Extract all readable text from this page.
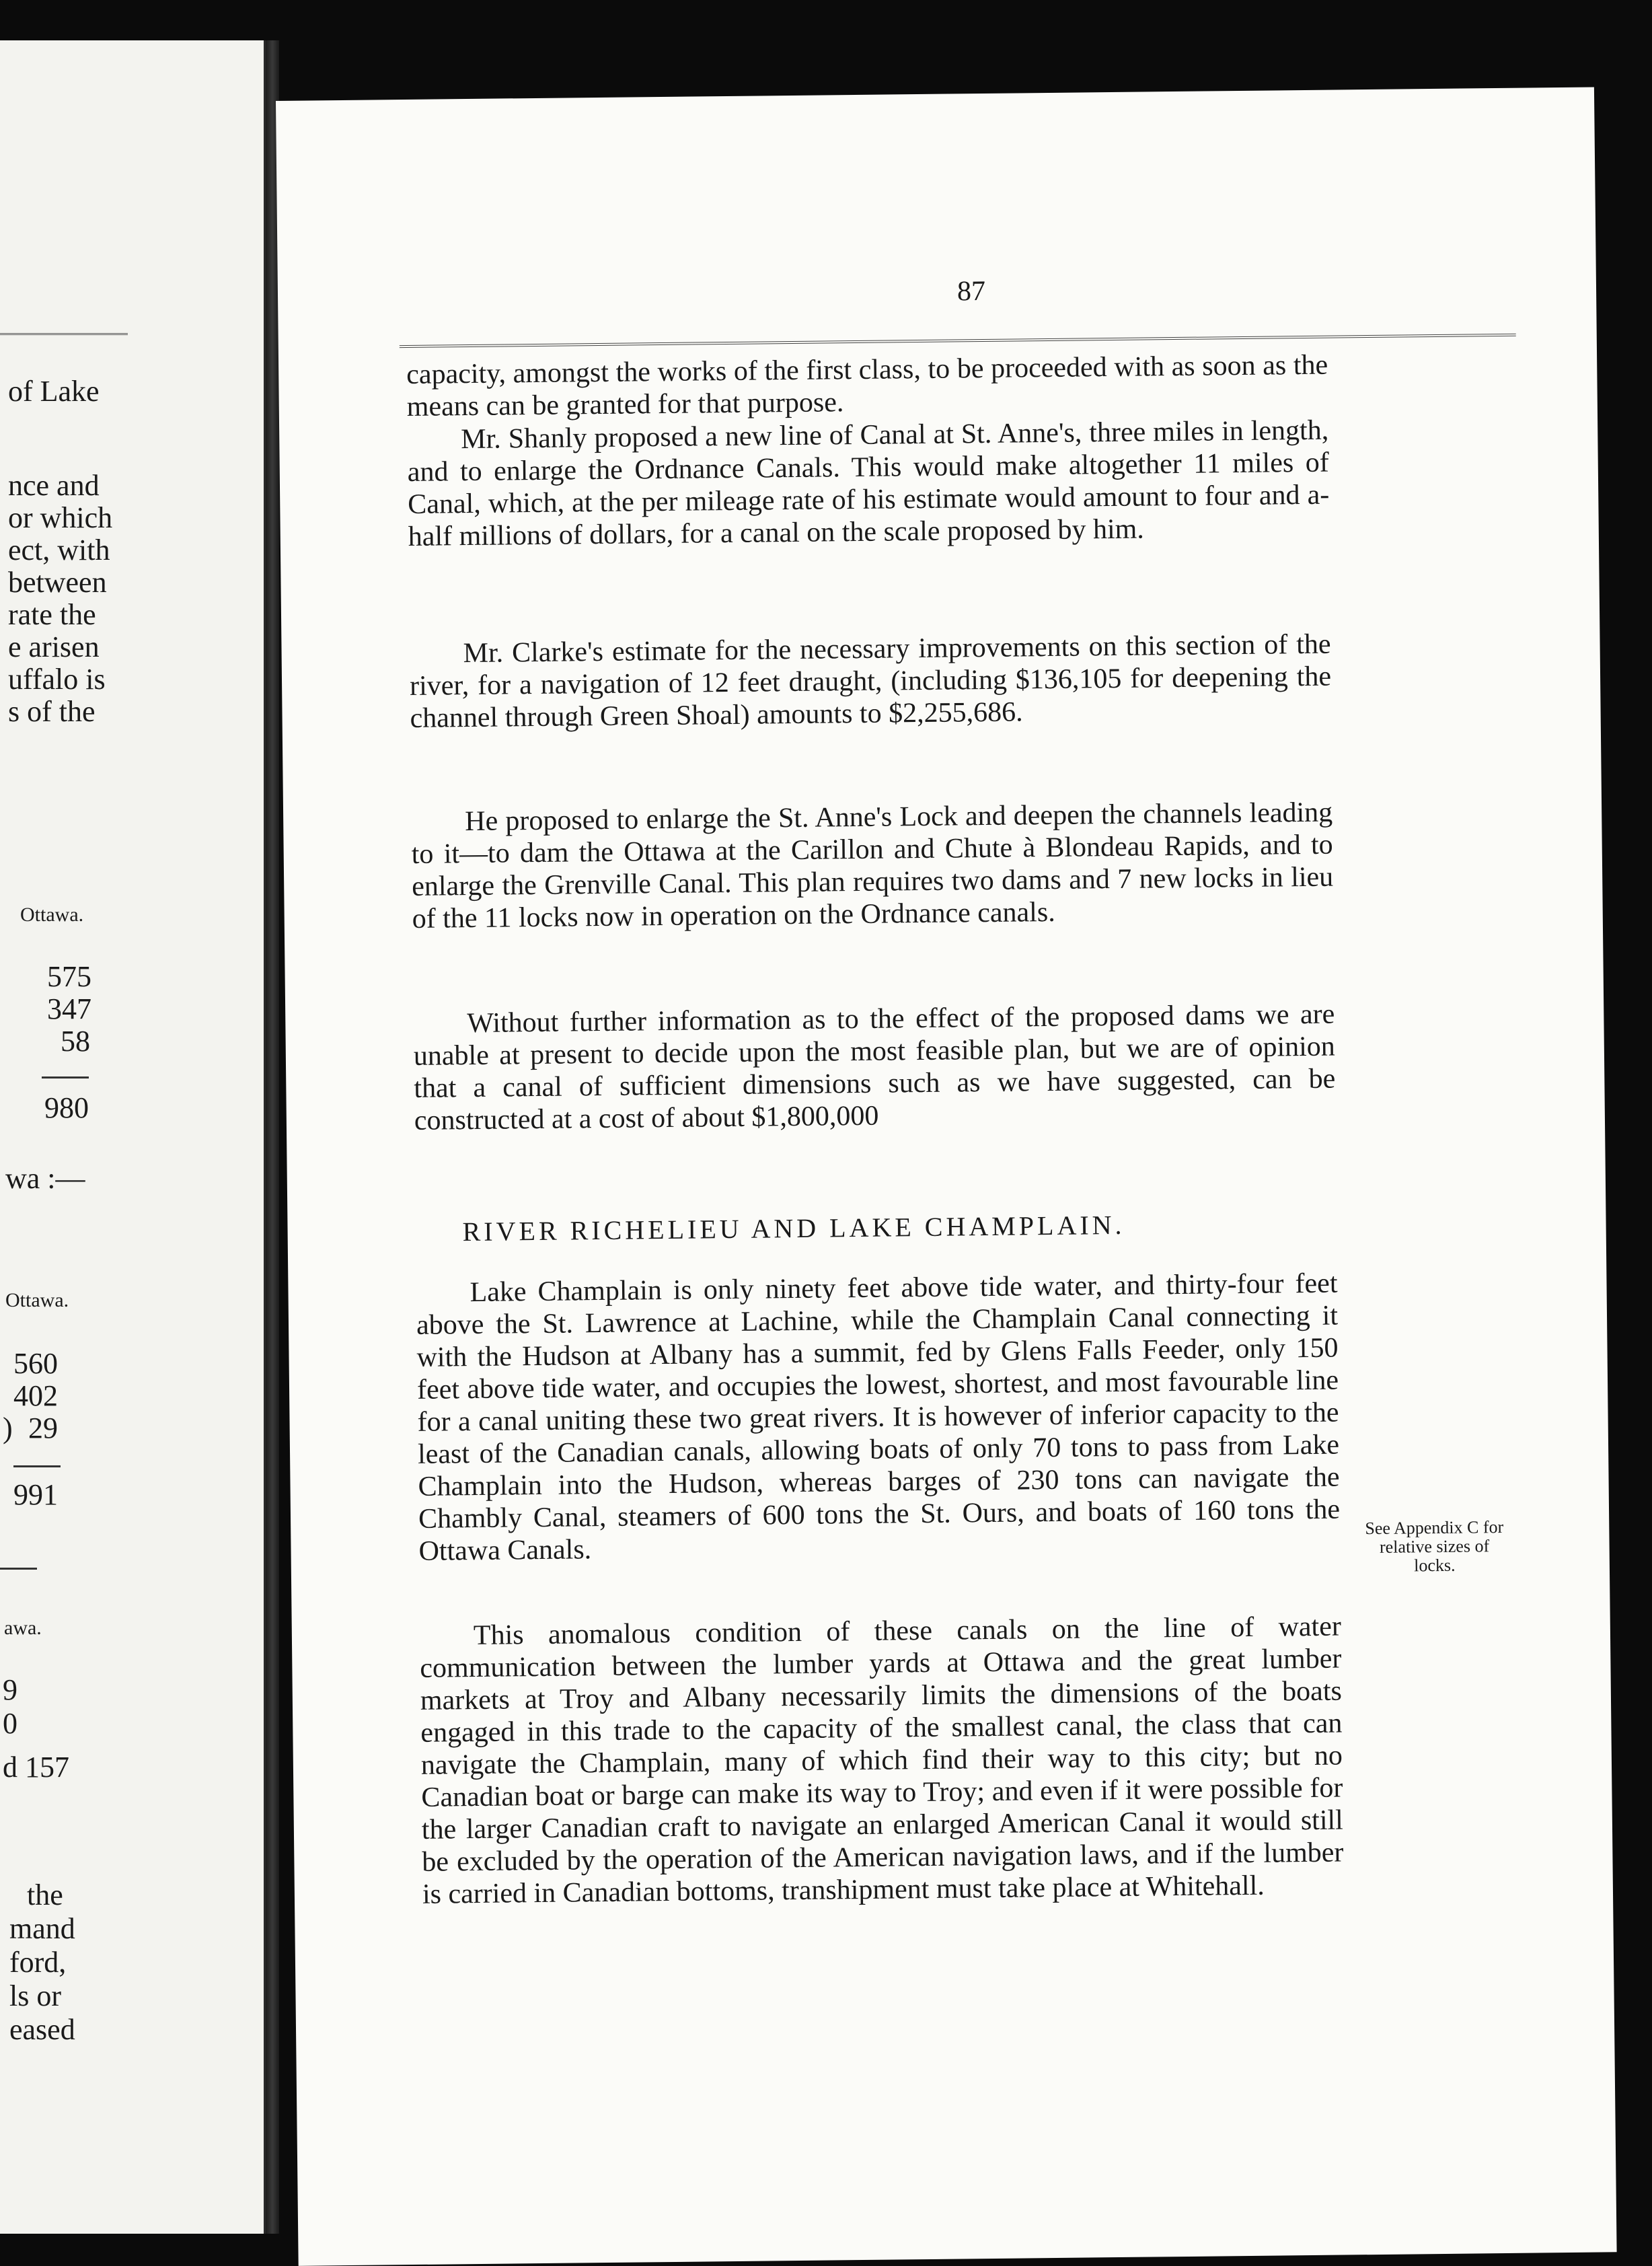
of Lake
nce and
or which
ect, with
between
rate the
e arisen
uffalo is
s of the
Ottawa.
575
347
58
980
wa :—
Ottawa.
560
402
) 29
991
awa.
9
0
d 157
the
mand
ford,
ls or
eased
87

capacity, amongst the works of the first class, to be proceeded with as soon as the means can be granted for that purpose.

Mr. Shanly proposed a new line of Canal at St. Anne's, three miles in length, and to enlarge the Ordnance Canals. This would make altogether 11 miles of Canal, which, at the per mileage rate of his estimate would amount to four and a-half millions of dollars, for a canal on the scale proposed by him.

Mr. Clarke's estimate for the necessary improvements on this section of the river, for a navigation of 12 feet draught, (including $136,105 for deepening the channel through Green Shoal) amounts to $2,255,686.

He proposed to enlarge the St. Anne's Lock and deepen the channels leading to it—to dam the Ottawa at the Carillon and Chute à Blondeau Rapids, and to enlarge the Grenville Canal. This plan requires two dams and 7 new locks in lieu of the 11 locks now in operation on the Ordnance canals.

Without further information as to the effect of the proposed dams we are unable at present to decide upon the most feasible plan, but we are of opinion that a canal of sufficient dimensions such as we have suggested, can be constructed at a cost of about $1,800,000

RIVER RICHELIEU AND LAKE CHAMPLAIN.

Lake Champlain is only ninety feet above tide water, and thirty-four feet above the St. Lawrence at Lachine, while the Champlain Canal connecting it with the Hudson at Albany has a summit, fed by Glens Falls Feeder, only 150 feet above tide water, and occupies the lowest, shortest, and most favourable line for a canal uniting these two great rivers. It is however of inferior capacity to the least of the Canadian canals, allowing boats of only 70 tons to pass from Lake Champlain into the Hudson, whereas barges of 230 tons can navigate the Chambly Canal, steamers of 600 tons the St. Ours, and boats of 160 tons the Ottawa Canals.

This anomalous condition of these canals on the line of water communication between the lumber yards at Ottawa and the great lumber markets at Troy and Albany necessarily limits the dimensions of the boats engaged in this trade to the capacity of the smallest canal, the class that can navigate the Champlain, many of which find their way to this city; but no Canadian boat or barge can make its way to Troy; and even if it were possible for the larger Canadian craft to navigate an enlarged American Canal it would still be excluded by the operation of the American navigation laws, and if the lumber is carried in Canadian bottoms, transhipment must take place at Whitehall.

See Appendix C for relative sizes of locks.
